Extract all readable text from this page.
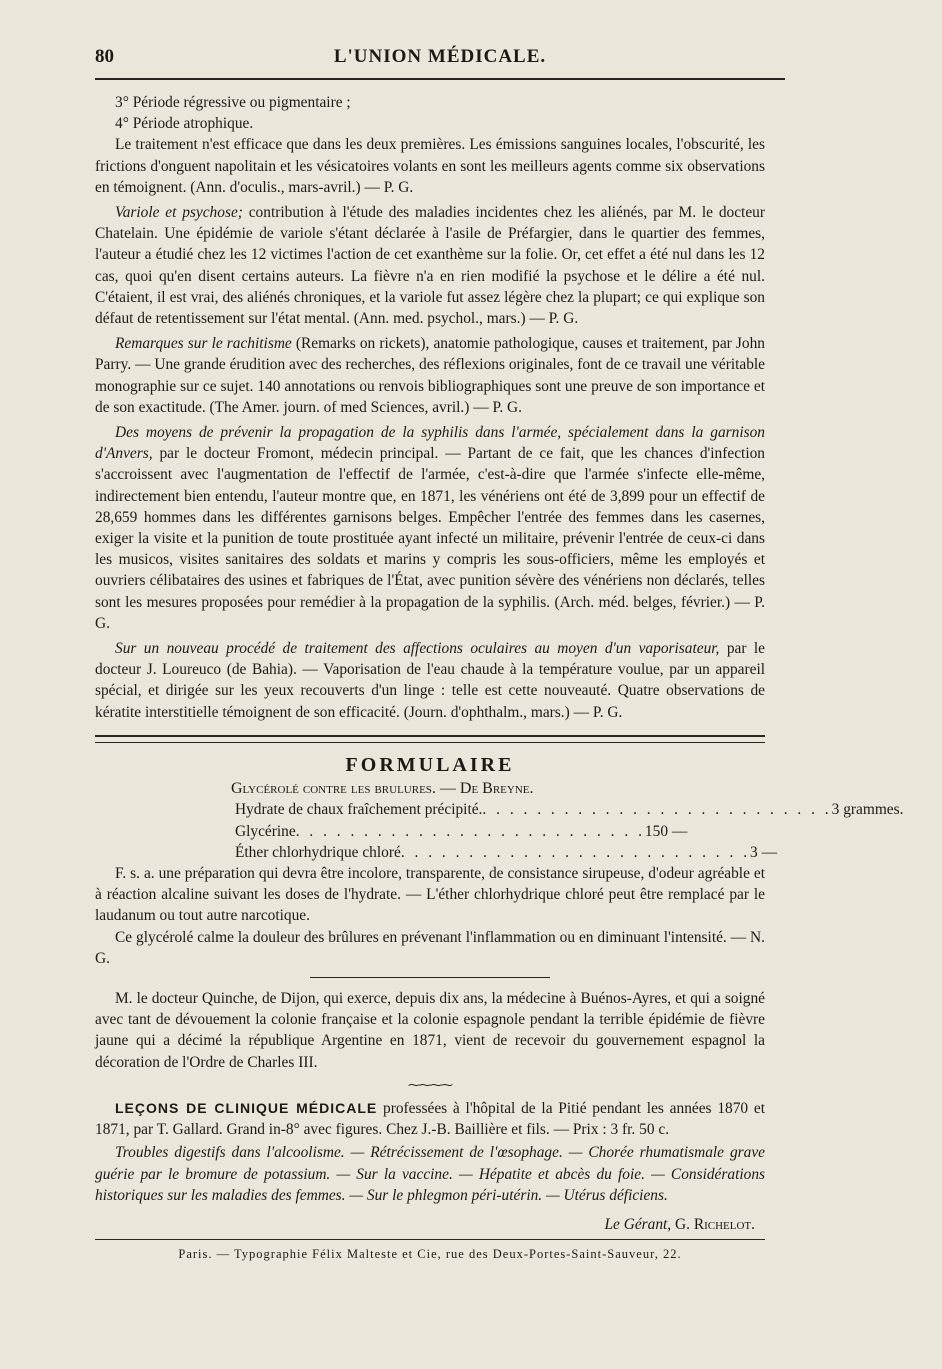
80	L'UNION MÉDICALE.

3° Période régressive ou pigmentaire ;

4° Période atrophique.

Le traitement n'est efficace que dans les deux premières. Les émissions sanguines locales, l'obscurité, les frictions d'onguent napolitain et les vésicatoires volants en sont les meilleurs agents comme six observations en témoignent. (Ann. d'oculis., mars-avril.) — P. G.

Variole et psychose; contribution à l'étude des maladies incidentes chez les aliénés, par M. le docteur Chatelain. Une épidémie de variole s'étant déclarée à l'asile de Préfargier, dans le quartier des femmes, l'auteur a étudié chez les 12 victimes l'action de cet exanthème sur la folie. Or, cet effet a été nul dans les 12 cas, quoi qu'en disent certains auteurs. La fièvre n'a en rien modifié la psychose et le délire a été nul. C'étaient, il est vrai, des aliénés chroniques, et la variole fut assez légère chez la plupart; ce qui explique son défaut de retentissement sur l'état mental. (Ann. med. psychol., mars.) — P. G.

Remarques sur le rachitisme (Remarks on rickets), anatomie pathologique, causes et traitement, par John Parry. — Une grande érudition avec des recherches, des réflexions originales, font de ce travail une véritable monographie sur ce sujet. 140 annotations ou renvois bibliographiques sont une preuve de son importance et de son exactitude. (The Amer. journ. of med Sciences, avril.) — P. G.

Des moyens de prévenir la propagation de la syphilis dans l'armée, spécialement dans la garnison d'Anvers, par le docteur Fromont, médecin principal. — Partant de ce fait, que les chances d'infection s'accroissent avec l'augmentation de l'effectif de l'armée, c'est-à-dire que l'armée s'infecte elle-même, indirectement bien entendu, l'auteur montre que, en 1871, les vénériens ont été de 3,899 pour un effectif de 28,659 hommes dans les différentes garnisons belges. Empêcher l'entrée des femmes dans les casernes, exiger la visite et la punition de toute prostituée ayant infecté un militaire, prévenir l'entrée de ceux-ci dans les musicos, visites sanitaires des soldats et marins y compris les sous-officiers, même les employés et ouvriers célibataires des usines et fabriques de l'État, avec punition sévère des vénériens non déclarés, telles sont les mesures proposées pour remédier à la propagation de la syphilis. (Arch. méd. belges, février.) — P. G.

Sur un nouveau procédé de traitement des affections oculaires au moyen d'un vaporisateur, par le docteur J. Loureuco (de Bahia). — Vaporisation de l'eau chaude à la température voulue, par un appareil spécial, et dirigée sur les yeux recouverts d'un linge : telle est cette nouveauté. Quatre observations de kératite interstitielle témoignent de son efficacité. (Journ. d'ophthalm., mars.) — P. G.

FORMULAIRE
Glycérolé contre les brulures. — De Breyne.
Hydrate de chaux fraîchement précipité. . . . . . . . . . . . . . . . . . . . . . . . . . . 3 grammes.
Glycérine . . . . . . . . . . . . . . . . . . . . . . . . . . 150 —
Éther chlorhydrique chloré . . . . . . . . . . . . . . . . . . . . . . . . . . 3 —

F. s. a. une préparation qui devra être incolore, transparente, de consistance sirupeuse, d'odeur agréable et à réaction alcaline suivant les doses de l'hydrate. — L'éther chlorhydrique chloré peut être remplacé par le laudanum ou tout autre narcotique.

Ce glycérolé calme la douleur des brûlures en prévenant l'inflammation ou en diminuant l'intensité. — N. G.

M. le docteur Quinche, de Dijon, qui exerce, depuis dix ans, la médecine à Buénos-Ayres, et qui a soigné avec tant de dévouement la colonie française et la colonie espagnole pendant la terrible épidémie de fièvre jaune qui a décimé la république Argentine en 1871, vient de recevoir du gouvernement espagnol la décoration de l'Ordre de Charles III.

⁓⁓⁓⁓

LEÇONS DE CLINIQUE MÉDICALE professées à l'hôpital de la Pitié pendant les années 1870 et 1871, par T. Gallard. Grand in-8° avec figures. Chez J.-B. Baillière et fils. — Prix : 3 fr. 50 c.

Troubles digestifs dans l'alcoolisme. — Rétrécissement de l'œsophage. — Chorée rhumatismale grave guérie par le bromure de potassium. — Sur la vaccine. — Hépatite et abcès du foie. — Considérations historiques sur les maladies des femmes. — Sur le phlegmon péri-utérin. — Utérus déficiens.

Le Gérant, G. Richelot.
Paris. — Typographie Félix Malteste et Cie, rue des Deux-Portes-Saint-Sauveur, 22.
